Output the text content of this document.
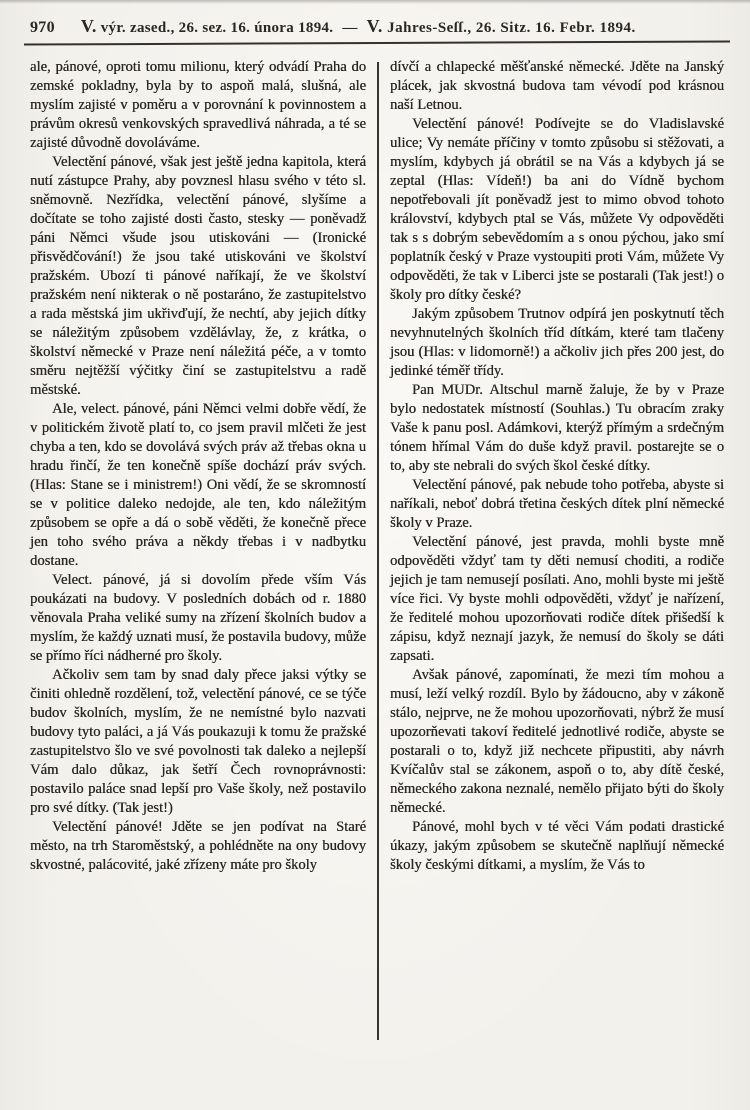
970 V. výr. zased., 26. sez. 16. února 1894. — V. Jahres-Seſſ., 26. Sitz. 16. Febr. 1894.

ale, pánové, oproti tomu milionu, který odvádí Praha do zemské pokladny, byla by to aspoň malá, slušná, ale myslím zajisté v poměru a v porovnání k povinnostem a právům okresů venkovských spravedlivá náhrada, a té se zajisté důvodně dovoláváme.

Velectění pánové, však jest ještě jedna kapitola, která nutí zástupce Prahy, aby povznesl hlasu svého v této sl. sněmovně. Nezřídka, velectění pánové, slyšíme a dočítate se toho zajisté dosti často, stesky — poněvadž páni Němci všude jsou utiskováni — (Ironické přisvědčování!) že jsou také utiskováni ve školství pražském. Ubozí ti pánové naříkají, že ve školství pražském není nikterak o ně postaráno, že zastupitelstvo a rada městská jim ukřivďují, že nechtí, aby jejich dítky se náležitým způsobem vzdělávlay, že, z krátka, o školství německé v Praze není náležitá péče, a v tomto směru nejtěžší výčitky činí se zastupitelstvu a radě městské.

Ale, velect. pánové, páni Němci velmi dobře vědí, že v politickém životě platí to, co jsem pravil mlčeti že jest chyba a ten, kdo se dovolává svých práv až třebas okna u hradu řinčí, že ten konečně spíše dochází práv svých. (Hlas: Stane se i ministrem!) Oni vědí, že se skromností se v politice daleko nedojde, ale ten, kdo náležitým způsobem se opře a dá o sobě věděti, že konečně přece jen toho svého práva a někdy třebas i v nadbytku dostane.

Velect. pánové, já si dovolím přede vším Vás poukázati na budovy. V posledních dobách od r. 1880 věnovala Praha veliké sumy na zřízení školních budov a myslím, že každý uznati musí, že postavila budovy, může se přímo říci nádherné pro školy.

Ačkoliv sem tam by snad daly přece jaksi výtky se činiti ohledně rozdělení, tož, velectění pánové, ce se týče budov školních, myslím, že ne nemístné bylo nazvati budovy tyto paláci, a já Vás poukazuji k tomu že pražské zastupitelstvo šlo ve své povolnosti tak daleko a nejlepší Vám dalo důkaz, jak šetří Čech rovnoprávnosti: postavilo paláce snad lepší pro Vaše školy, než postavilo pro své dítky. (Tak jest!)

Velectění pánové! Jděte se jen podívat na Staré město, na trh Staroměstský, a pohlédněte na ony budovy skvostné, palácovité, jaké zřízeny máte pro školy

dívčí a chlapecké měšťanské německé. Jděte na Janský plácek, jak skvostná budova tam vévodí pod krásnou naší Letnou.

Velectění pánové! Podívejte se do Vladislavské ulice; Vy nemáte příčiny v tomto způsobu si stěžovati, a myslím, kdybych já obrátil se na Vás a kdybych já se zeptal (Hlas: Vídeň!) ba ani do Vídně bychom nepotřebovali jít poněvadž jest to mimo obvod tohoto království, kdybych ptal se Vás, můžete Vy odpověděti tak s s dobrým sebevědomím a s onou pýchou, jako smí poplatník český v Praze vystoupiti proti Vám, můžete Vy odpověděti, že tak v Liberci jste se postarali (Tak jest!) o školy pro dítky české?

Jakým způsobem Trutnov odpírá jen poskytnutí těch nevyhnutelných školních tříd dítkám, které tam tlačeny jsou (Hlas: v lidomorně!) a ačkoliv jich přes 200 jest, do jedinké téměř třídy.

Pan MUDr. Altschul marně žaluje, že by v Praze bylo nedostatek místností (Souhlas.) Tu obracím zraky Vaše k panu posl. Adámkovi, kterýž přímým a srdečným tónem hřímal Vám do duše když pravil. postarejte se o to, aby ste nebrali do svých škol české dítky.

Velectění pánové, pak nebude toho potřeba, abyste si naříkali, neboť dobrá třetina českých dítek plní německé školy v Praze.

Velectění pánové, jest pravda, mohli byste mně odpověděti vždyť tam ty děti nemusí choditi, a rodiče jejich je tam nemusejí posílati. Ano, mohli byste mi ještě více řici. Vy byste mohli odpověděti, vždyť je nařízení, že ředitelé mohou upozorňovati rodiče dítek přišedší k zápisu, když neznají jazyk, že nemusí do školy se dáti zapsati.

Avšak pánové, zapomínati, že mezi tím mohou a musí, leží velký rozdíl. Bylo by žádoucno, aby v zákoně stálo, nejprve, ne že mohou upozorňovati, nýbrž že musí upozorňevati takoví ředitelé jednotlivé rodiče, abyste se postarali o to, když již nechcete připustiti, aby návrh Kvíčalův stal se zákonem, aspoň o to, aby dítě české, německého zakona neznalé, nemělo přijato býti do školy německé.

Pánové, mohl bych v té věci Vám podati drastické úkazy, jakým způsobem se skutečně naplňují německé školy českými dítkami, a myslím, že Vás to
